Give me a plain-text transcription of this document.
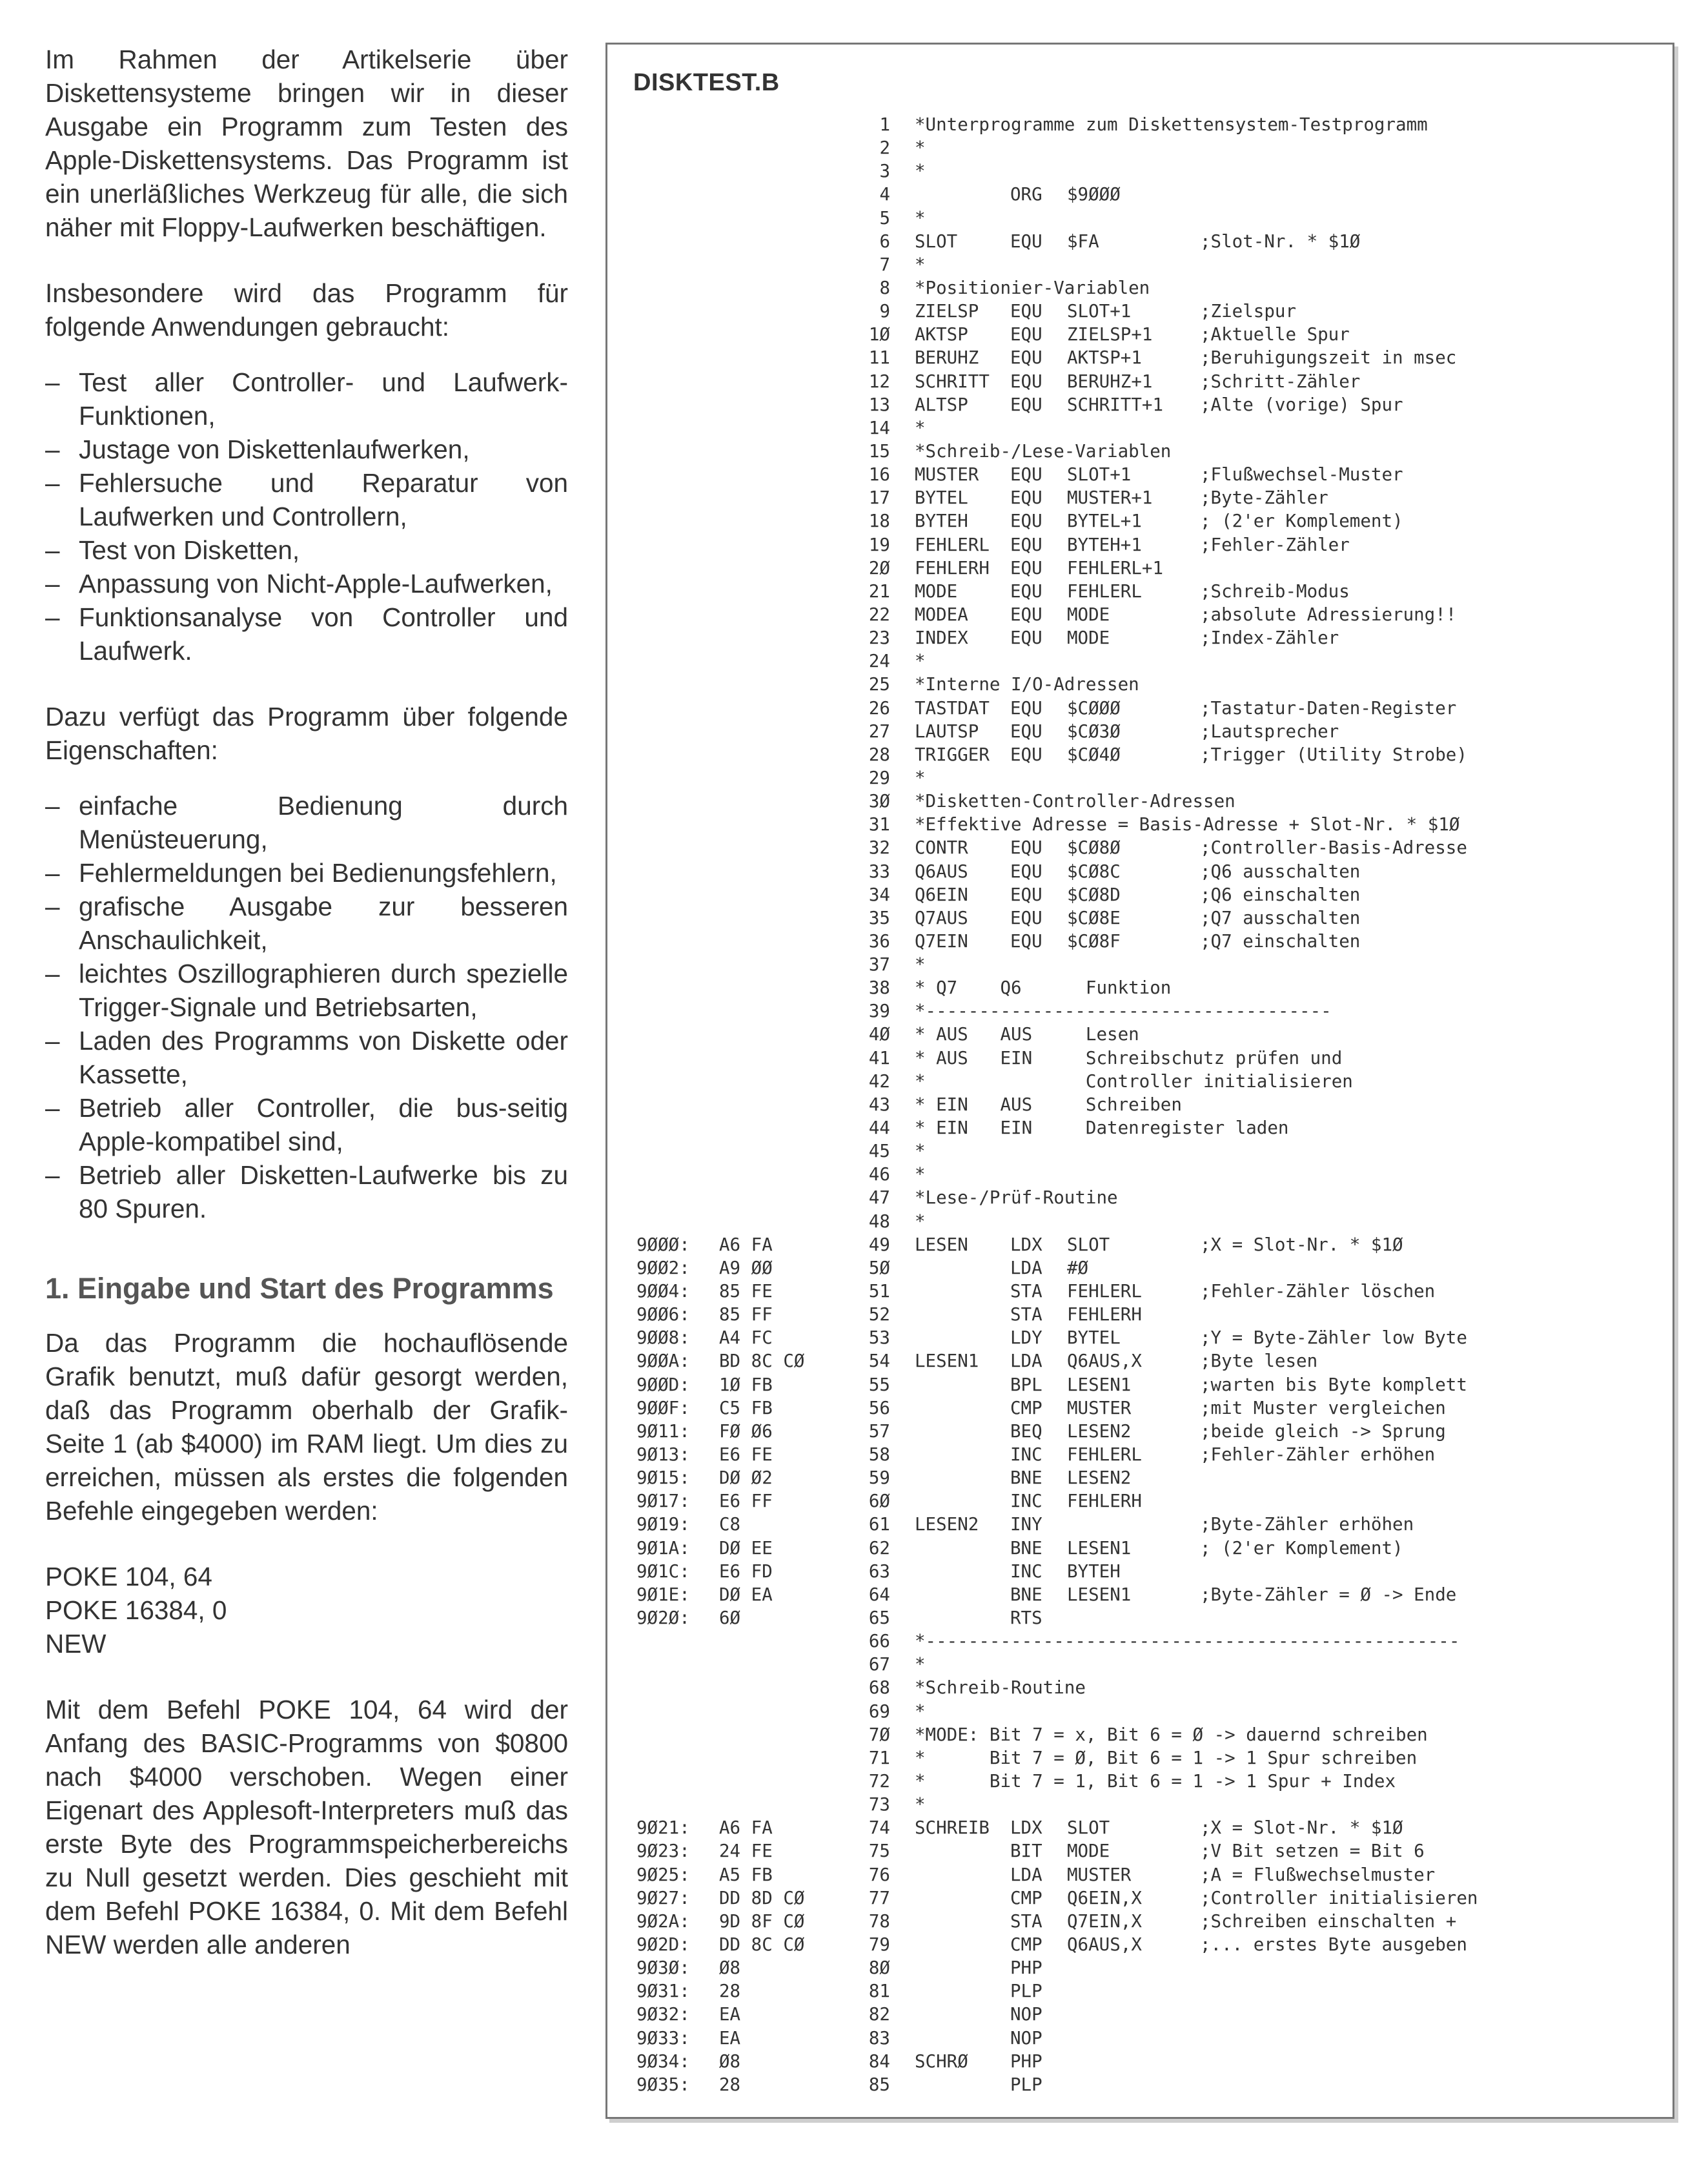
Im Rahmen der Artikelserie über Diskettensysteme bringen wir in dieser Ausgabe ein Programm zum Testen des Apple-Diskettensystems. Das Programm ist ein unerläßliches Werkzeug für alle, die sich näher mit Floppy-Laufwerken beschäftigen.

Insbesondere wird das Programm für folgende Anwendungen gebraucht:

– Test aller Controller- und Laufwerk-Funktionen,
– Justage von Diskettenlaufwerken,
– Fehlersuche und Reparatur von Laufwerken und Controllern,
– Test von Disketten,
– Anpassung von Nicht-Apple-Laufwerken,
– Funktionsanalyse von Controller und Laufwerk.

Dazu verfügt das Programm über folgende Eigenschaften:

– einfache Bedienung durch Menüsteuerung,
– Fehlermeldungen bei Bedienungsfehlern,
– grafische Ausgabe zur besseren Anschaulichkeit,
– leichtes Oszillographieren durch spezielle Trigger-Signale und Betriebsarten,
– Laden des Programms von Diskette oder Kassette,
– Betrieb aller Controller, die bus-seitig Apple-kompatibel sind,
– Betrieb aller Disketten-Laufwerke bis zu 80 Spuren.
1. Eingabe und Start des Programms

Da das Programm die hochauflösende Grafik benutzt, muß dafür gesorgt werden, daß das Programm oberhalb der Grafik-Seite 1 (ab $4000) im RAM liegt. Um dies zu erreichen, müssen als erstes die folgenden Befehle eingegeben werden:

POKE 104, 64

POKE 16384, 0

NEW

Mit dem Befehl POKE 104, 64 wird der Anfang des BASIC-Programms von $0800 nach $4000 verschoben. Wegen einer Eigenart des Applesoft-Interpreters muß das erste Byte des Programmspeicherbereichs zu Null gesetzt werden. Dies geschieht mit dem Befehl POKE 16384, 0. Mit dem Befehl NEW werden alle anderen

DISKTEST.B
1 *Unterprogramme zum Diskettensystem-Testprogramm
2 *
3 *
4	ORG	$9ØØØ
5 *
6 SLOT	EQU	$FA	;Slot-Nr. * $1Ø
7 *
8 *Positionier-Variablen
9 ZIELSP	EQU	SLOT+1	;Zielspur
1Ø AKTSP	EQU	ZIELSP+1	;Aktuelle Spur
11 BERUHZ	EQU	AKTSP+1	;Beruhigungszeit in msec
12 SCHRITT	EQU	BERUHZ+1	;Schritt-Zähler
13 ALTSP	EQU	SCHRITT+1	;Alte (vorige) Spur
14 *
15 *Schreib-/Lese-Variablen
16 MUSTER	EQU	SLOT+1	;Flußwechsel-Muster
17 BYTEL	EQU	MUSTER+1	;Byte-Zähler
18 BYTEH	EQU	BYTEL+1	; (2'er Komplement)
19 FEHLERL	EQU	BYTEH+1	;Fehler-Zähler
2Ø FEHLERH	EQU	FEHLERL+1
21 MODE	EQU	FEHLERL	;Schreib-Modus
22 MODEA	EQU	MODE	;absolute Adressierung!!
23 INDEX	EQU	MODE	;Index-Zähler
24 *
25 *Interne I/O-Adressen
26 TASTDAT	EQU	$CØØØ	;Tastatur-Daten-Register
27 LAUTSP	EQU	$CØ3Ø	;Lautsprecher
28 TRIGGER	EQU	$CØ4Ø	;Trigger (Utility Strobe)
29 *
3Ø *Disketten-Controller-Adressen
31 *Effektive Adresse = Basis-Adresse + Slot-Nr. * $1Ø
32 CONTR	EQU	$CØ8Ø	;Controller-Basis-Adresse
33 Q6AUS	EQU	$CØ8C	;Q6 ausschalten
34 Q6EIN	EQU	$CØ8D	;Q6 einschalten
35 Q7AUS	EQU	$CØ8E	;Q7 ausschalten
36 Q7EIN	EQU	$CØ8F	;Q7 einschalten
37 *
38 * Q7    Q6      Funktion
39 *--------------------------------------
4Ø * AUS   AUS     Lesen
41 * AUS   EIN     Schreibschutz prüfen und
42 *               Controller initialisieren
43 * EIN   AUS     Schreiben
44 * EIN   EIN     Datenregister laden
45 *
46 *
47 *Lese-/Prüf-Routine
48 *
9ØØØ:	A6 FA	49 LESEN	LDX	SLOT	;X = Slot-Nr. * $1Ø
9ØØ2:	A9 ØØ	5Ø	LDA	#Ø
9ØØ4:	85 FE	51	STA	FEHLERL	;Fehler-Zähler löschen
9ØØ6:	85 FF	52	STA	FEHLERH
9ØØ8:	A4 FC	53	LDY	BYTEL	;Y = Byte-Zähler low Byte
9ØØA:	BD 8C CØ	54 LESEN1	LDA	Q6AUS,X	;Byte lesen
9ØØD:	1Ø FB	55	BPL	LESEN1	;warten bis Byte komplett
9ØØF:	C5 FB	56	CMP	MUSTER	;mit Muster vergleichen
9Ø11:	FØ Ø6	57	BEQ	LESEN2	;beide gleich -> Sprung
9Ø13:	E6 FE	58	INC	FEHLERL	;Fehler-Zähler erhöhen
9Ø15:	DØ Ø2	59	BNE	LESEN2
9Ø17:	E6 FF	6Ø	INC	FEHLERH
9Ø19:	C8	61 LESEN2	INY	;Byte-Zähler erhöhen
9Ø1A:	DØ EE	62	BNE	LESEN1	; (2'er Komplement)
9Ø1C:	E6 FD	63	INC	BYTEH
9Ø1E:	DØ EA	64	BNE	LESEN1	;Byte-Zähler = Ø -> Ende
9Ø2Ø:	6Ø	65	RTS
66 *--------------------------------------------------
67 *
68 *Schreib-Routine
69 *
7Ø *MODE: Bit 7 = x, Bit 6 = Ø -> dauernd schreiben
71 *      Bit 7 = Ø, Bit 6 = 1 -> 1 Spur schreiben
72 *      Bit 7 = 1, Bit 6 = 1 -> 1 Spur + Index
73 *
9Ø21:	A6 FA	74 SCHREIB	LDX	SLOT	;X = Slot-Nr. * $1Ø
9Ø23:	24 FE	75	BIT	MODE	;V Bit setzen = Bit 6
9Ø25:	A5 FB	76	LDA	MUSTER	;A = Flußwechselmuster
9Ø27:	DD 8D CØ	77	CMP	Q6EIN,X	;Controller initialisieren
9Ø2A:	9D 8F CØ	78	STA	Q7EIN,X	;Schreiben einschalten +
9Ø2D:	DD 8C CØ	79	CMP	Q6AUS,X	;... erstes Byte ausgeben
9Ø3Ø:	Ø8	8Ø	PHP
9Ø31:	28	81	PLP
9Ø32:	EA	82	NOP
9Ø33:	EA	83	NOP
9Ø34:	Ø8	84 SCHRØ	PHP
9Ø35:	28	85	PLP
